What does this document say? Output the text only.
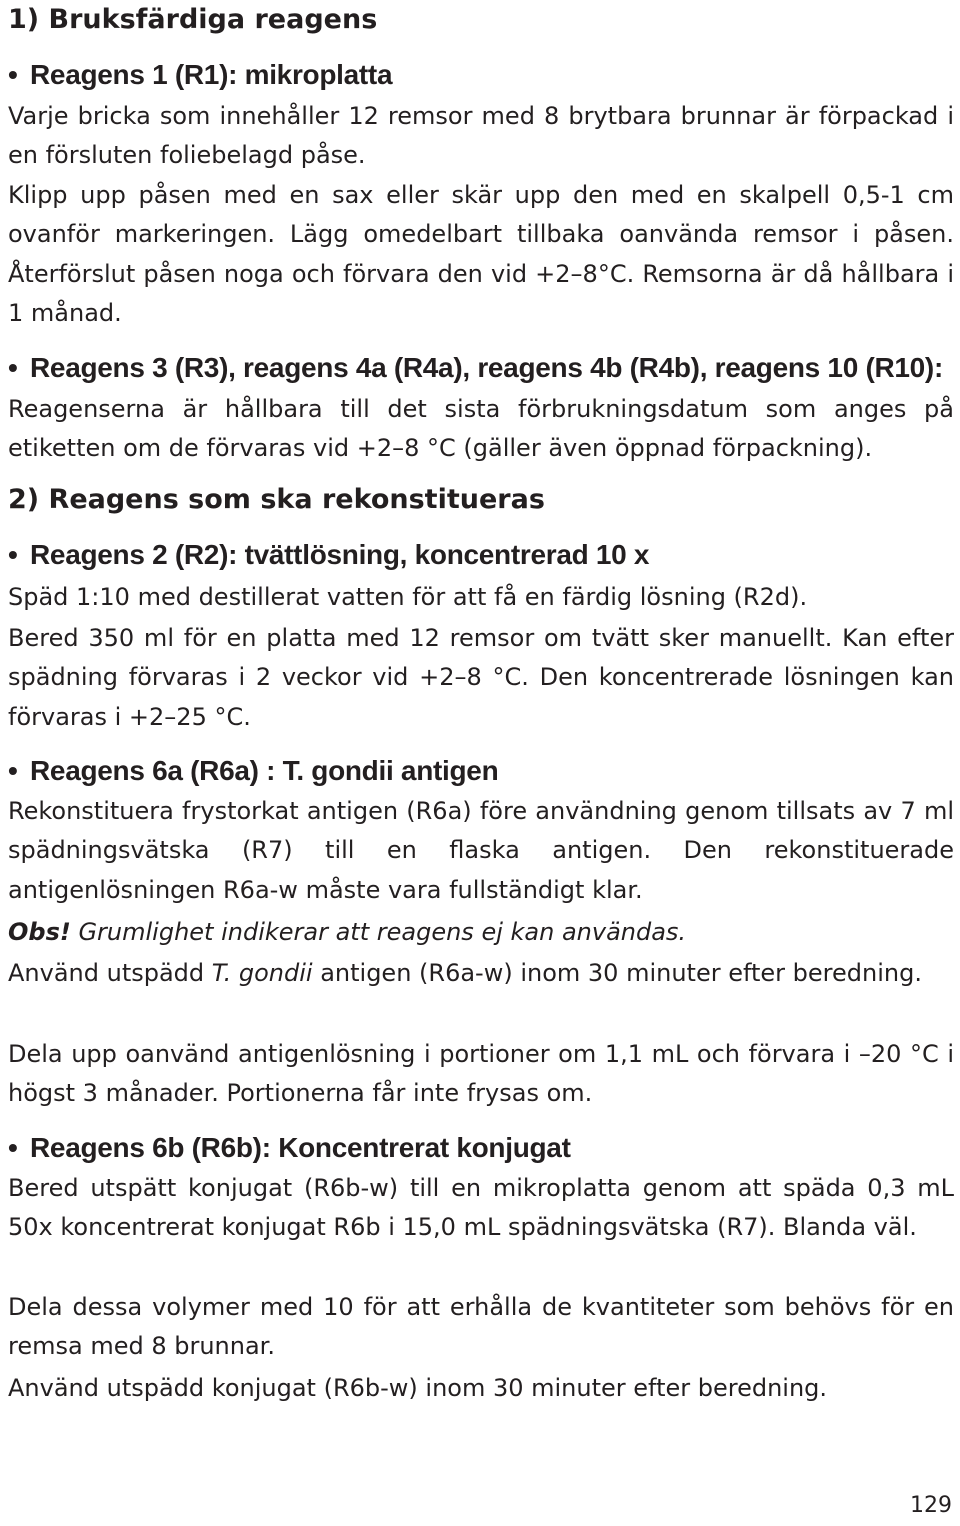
1) Bruksfärdiga reagens
• Reagens 1 (R1): mikroplatta

Varje bricka som innehåller 12 remsor med 8 brytbara brunnar är förpackad i en försluten foliebelagd påse.

Klipp upp påsen med en sax eller skär upp den med en skalpell 0,5-1 cm ovanför markeringen. Lägg omedelbart tillbaka oanvända remsor i påsen. Återförslut påsen noga och förvara den vid +2–8°C. Remsorna är då hållbara i 1 månad.

• Reagens 3 (R3), reagens 4a (R4a), reagens 4b (R4b), reagens 10 (R10):

Reagenserna är hållbara till det sista förbrukningsdatum som anges på etiketten om de förvaras vid +2–8 °C (gäller även öppnad förpackning).

2) Reagens som ska rekonstitueras
• Reagens 2 (R2): tvättlösning, koncentrerad 10 x

Späd 1:10 med destillerat vatten för att få en färdig lösning (R2d).

Bered 350 ml för en platta med 12 remsor om tvätt sker manuellt. Kan efter spädning förvaras i 2 veckor vid +2–8 °C. Den koncentrerade lösningen kan förvaras i +2–25 °C.

• Reagens 6a (R6a) : T. gondii antigen

Rekonstituera frystorkat antigen (R6a) före användning genom tillsats av 7 ml spädningsvätska (R7) till en flaska antigen. Den rekonstituerade antigenlösningen R6a-w måste vara fullständigt klar.

Obs! Grumlighet indikerar att reagens ej kan användas.

Använd utspädd T. gondii antigen (R6a-w) inom 30 minuter efter beredning.

Dela upp oanvänd antigenlösning i portioner om 1,1 mL och förvara i –20 °C i högst 3 månader. Portionerna får inte frysas om.

• Reagens 6b (R6b): Koncentrerat konjugat

Bered utspätt konjugat (R6b-w) till en mikroplatta genom att späda 0,3 mL 50x koncentrerat konjugat R6b i 15,0 mL spädningsvätska (R7). Blanda väl.

Dela dessa volymer med 10 för att erhålla de kvantiteter som behövs för en remsa med 8 brunnar.

Använd utspädd konjugat (R6b-w) inom 30 minuter efter beredning.

129
